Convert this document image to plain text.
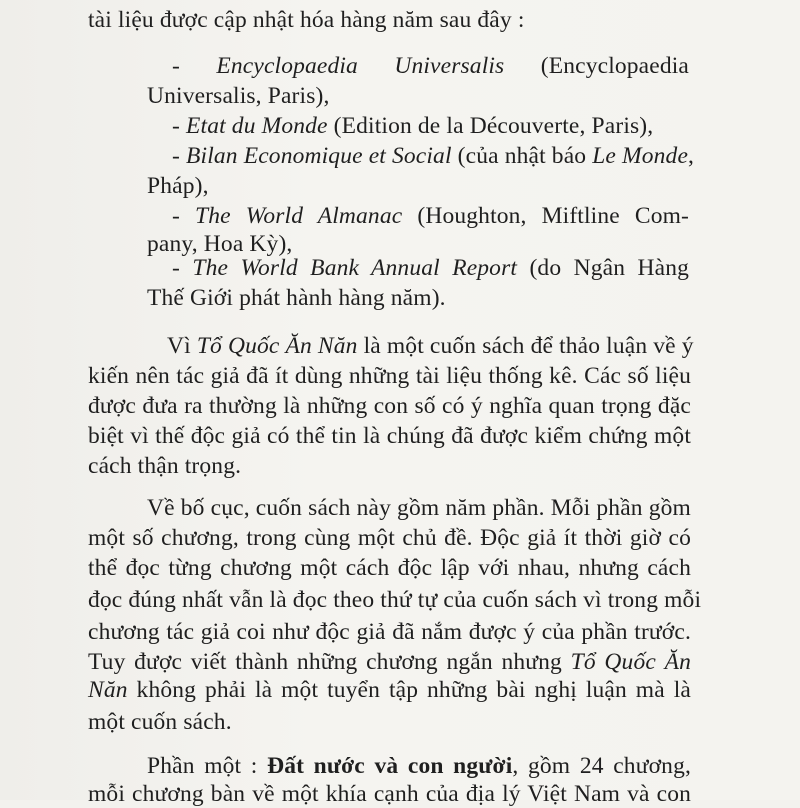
tài liệu được cập nhật hóa hàng năm sau đây :
- Encyclopaedia Universalis (Encyclopaedia
Universalis, Paris),
- Etat du Monde (Edition de la Découverte, Paris),
- Bilan Economique et Social (của nhật báo Le Monde,
Pháp),
- The World Almanac (Houghton, Miftline Com-
pany, Hoa Kỳ),
- The World Bank Annual Report (do Ngân Hàng
Thế Giới phát hành hàng năm).
Vì Tổ Quốc Ăn Năn là một cuốn sách để thảo luận về ý
kiến nên tác giả đã ít dùng những tài liệu thống kê. Các số liệu
được đưa ra thường là những con số có ý nghĩa quan trọng đặc
biệt vì thế độc giả có thể tin là chúng đã được kiểm chứng một
cách thận trọng.
Về bố cục, cuốn sách này gồm năm phần. Mỗi phần gồm
một số chương, trong cùng một chủ đề. Độc giả ít thời giờ có
thể đọc từng chương một cách độc lập với nhau, nhưng cách
đọc đúng nhất vẫn là đọc theo thứ tự của cuốn sách vì trong mỗi
chương tác giả coi như độc giả đã nắm được ý của phần trước.
Tuy được viết thành những chương ngắn nhưng Tổ Quốc Ăn
Năn không phải là một tuyển tập những bài nghị luận mà là
một cuốn sách.
Phần một : Đất nước và con người, gồm 24 chương,
mỗi chương bàn về một khía cạnh của địa lý Việt Nam và con
